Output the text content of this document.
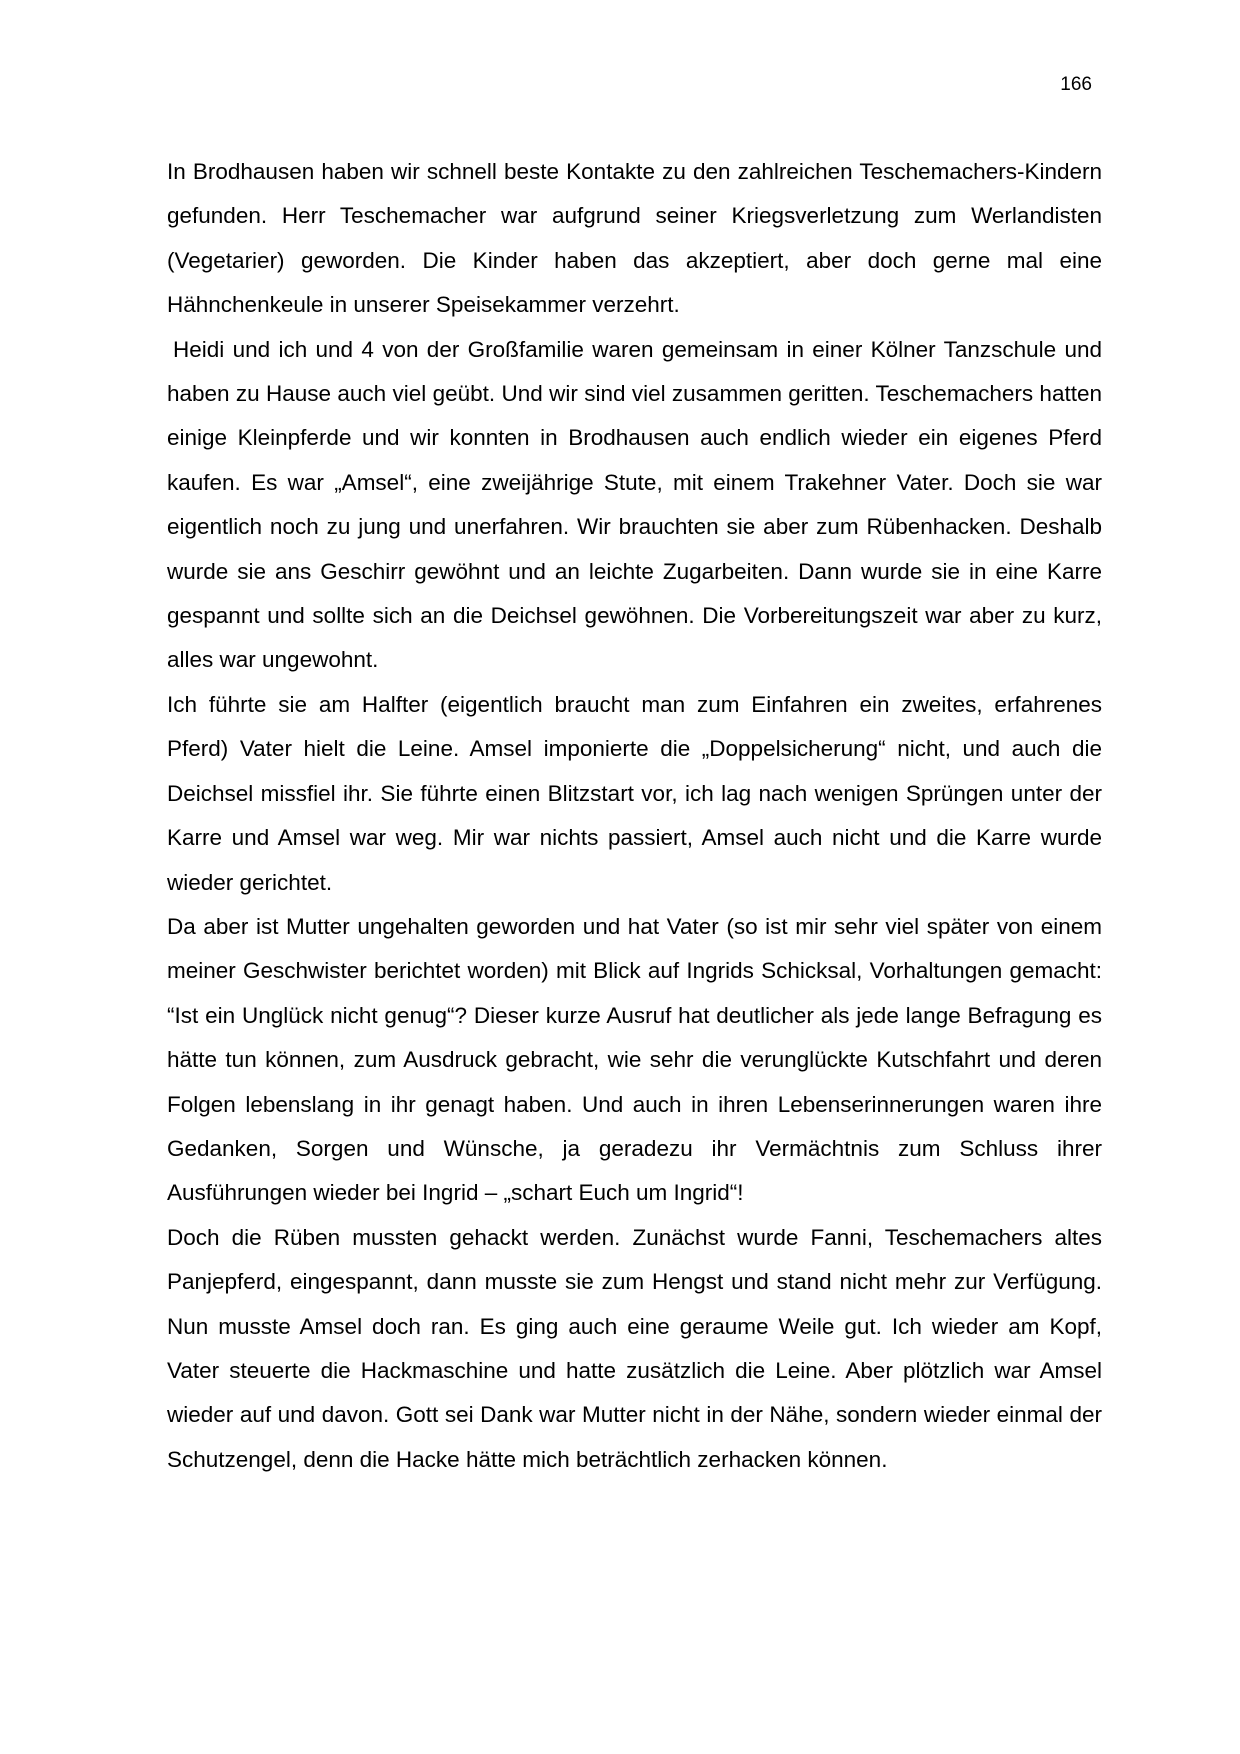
166

In Brodhausen haben wir schnell beste Kontakte zu den zahlreichen Teschemachers-Kindern gefunden. Herr Teschemacher war aufgrund seiner Kriegsverletzung zum Werlandisten (Vegetarier) geworden. Die Kinder haben das akzeptiert, aber doch gerne mal eine Hähnchenkeule in unserer Speisekammer verzehrt.

Heidi und ich und 4 von der Großfamilie waren gemeinsam in einer Kölner Tanzschule und haben zu Hause auch viel geübt. Und wir sind viel zusammen geritten. Teschemachers hatten einige Kleinpferde und wir konnten in Brodhausen auch endlich wieder ein eigenes Pferd kaufen. Es war „Amsel“, eine zweijährige Stute, mit einem Trakehner Vater. Doch sie war eigentlich noch zu jung und unerfahren. Wir brauchten sie aber zum Rübenhacken. Deshalb wurde sie ans Geschirr gewöhnt und an leichte Zugarbeiten. Dann wurde sie in eine Karre gespannt und sollte sich an die Deichsel gewöhnen. Die Vorbereitungszeit war aber zu kurz, alles war ungewohnt.

Ich führte sie am Halfter (eigentlich braucht man zum Einfahren ein zweites, erfahrenes Pferd) Vater hielt die Leine. Amsel imponierte die „Doppelsicherung“ nicht, und auch die Deichsel missfiel ihr. Sie führte einen Blitzstart vor, ich lag nach wenigen Sprüngen unter der Karre und Amsel war weg. Mir war nichts passiert, Amsel auch nicht und die Karre wurde wieder gerichtet.

Da aber ist Mutter ungehalten geworden und hat Vater (so ist mir sehr viel später von einem meiner Geschwister berichtet worden) mit Blick auf Ingrids Schicksal, Vorhaltungen gemacht: “Ist ein Unglück nicht genug“? Dieser kurze Ausruf hat deutlicher als jede lange Befragung es hätte tun können, zum Ausdruck gebracht, wie sehr die verunglückte Kutschfahrt und deren Folgen lebenslang in ihr genagt haben. Und auch in ihren Lebenserinnerungen waren ihre Gedanken, Sorgen und Wünsche, ja geradezu ihr Vermächtnis zum Schluss ihrer Ausführungen wieder bei Ingrid – „schart Euch um Ingrid“!

Doch die Rüben mussten gehackt werden. Zunächst wurde Fanni, Teschemachers altes Panjepferd, eingespannt, dann musste sie zum Hengst und stand nicht mehr zur Verfügung. Nun musste Amsel doch ran. Es ging auch eine geraume Weile gut. Ich wieder am Kopf, Vater steuerte die Hackmaschine und hatte zusätzlich die Leine. Aber plötzlich war Amsel wieder auf und davon. Gott sei Dank war Mutter nicht in der Nähe, sondern wieder einmal der Schutzengel, denn die Hacke hätte mich beträchtlich zerhacken können.
